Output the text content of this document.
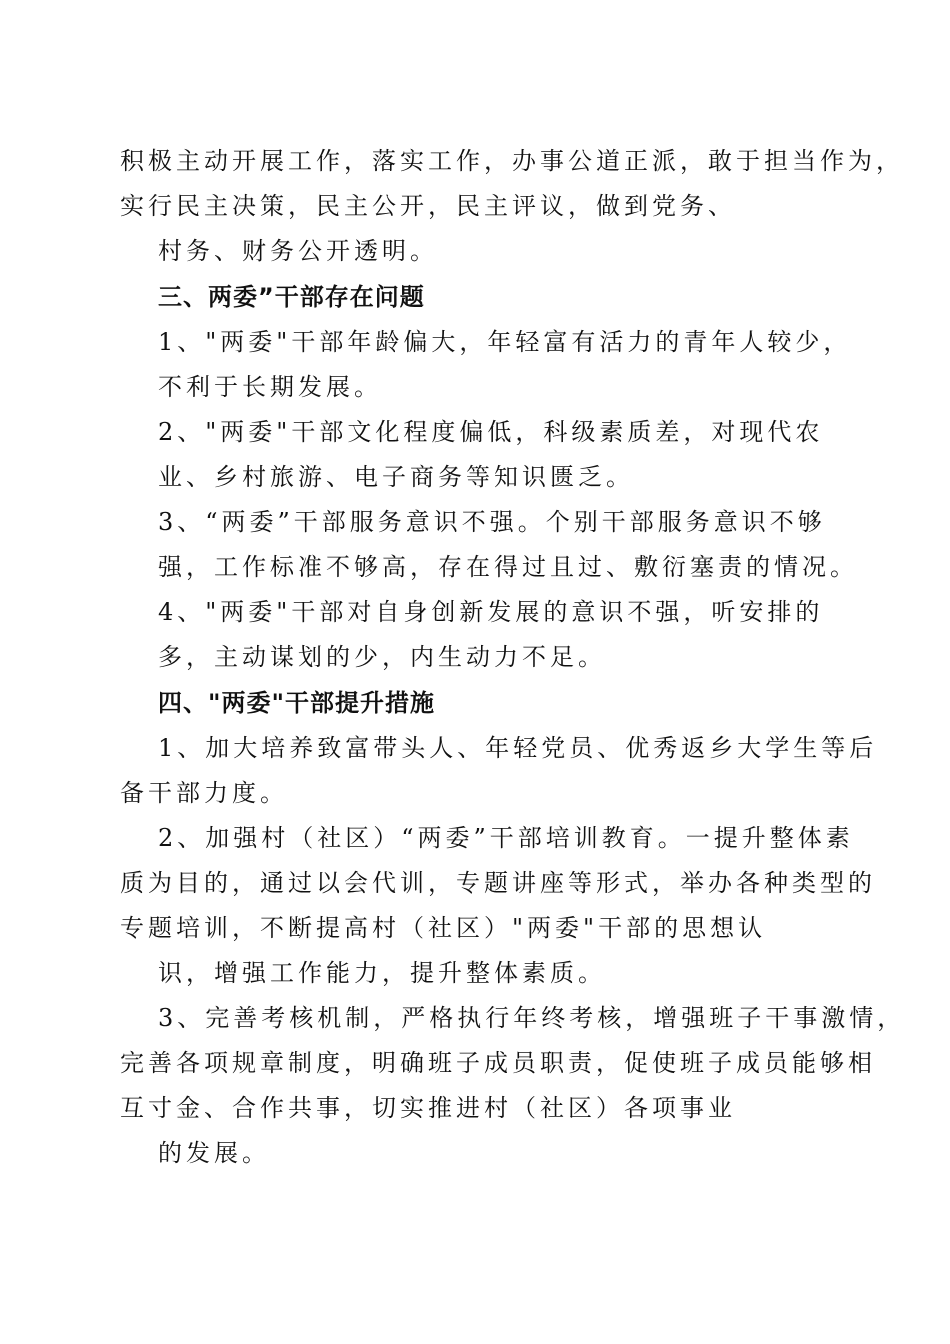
积极主动开展工作，落实工作，办事公道正派，敢于担当作为，

实行民主决策，民主公开，民主评议，做到党务、

村务、财务公开透明。

三、两委”干部存在问题

1、"两委"干部年龄偏大，年轻富有活力的青年人较少，

不利于长期发展。

2、"两委"干部文化程度偏低，科级素质差，对现代农

业、乡村旅游、电子商务等知识匮乏。

3、“两委”干部服务意识不强。个别干部服务意识不够

强，工作标准不够高，存在得过且过、敷衍塞责的情况。

4、"两委"干部对自身创新发展的意识不强，听安排的

多，主动谋划的少，内生动力不足。

四、"两委"干部提升措施

1、加大培养致富带头人、年轻党员、优秀返乡大学生等后

备干部力度。

2、加强村（社区）“两委”干部培训教育。一提升整体素

质为目的，通过以会代训，专题讲座等形式，举办各种类型的

专题培训，不断提高村（社区）"两委"干部的思想认

识，增强工作能力，提升整体素质。

3、完善考核机制，严格执行年终考核，增强班子干事激情，

完善各项规章制度，明确班子成员职责，促使班子成员能够相

互寸金、合作共事，切实推进村（社区）各项事业

的发展。
